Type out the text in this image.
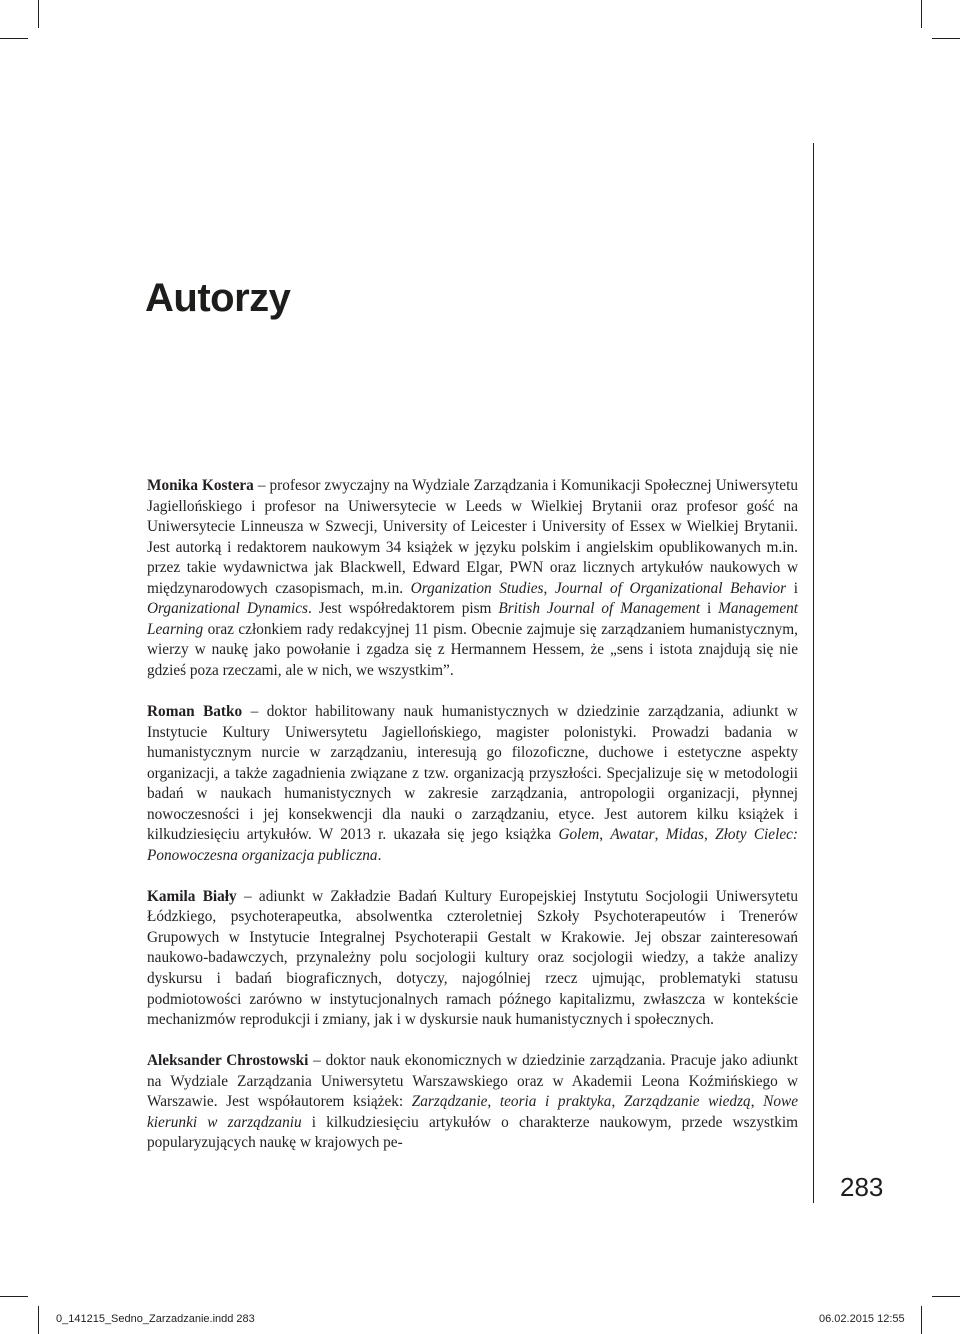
Autorzy

Monika Kostera – profesor zwyczajny na Wydziale Zarządzania i Komunikacji Społecznej Uniwersytetu Jagiellońskiego i profesor na Uniwersytecie w Leeds w Wielkiej Brytanii oraz profesor gość na Uniwersytecie Linneusza w Szwecji, University of Leicester i University of Essex w Wielkiej Brytanii. Jest autorką i redaktorem naukowym 34 książek w języku polskim i angielskim opublikowanych m.in. przez takie wydawnictwa jak Blackwell, Edward Elgar, PWN oraz licznych artykułów naukowych w międzynarodowych czasopismach, m.in. Organization Studies, Journal of Organizational Behavior i Organizational Dynamics. Jest współredaktorem pism British Journal of Management i Management Learning oraz członkiem rady redakcyjnej 11 pism. Obecnie zajmuje się zarządzaniem humanistycznym, wierzy w naukę jako powołanie i zgadza się z Hermannem Hessem, że „sens i istota znajdują się nie gdzieś poza rzeczami, ale w nich, we wszystkim”.

Roman Batko – doktor habilitowany nauk humanistycznych w dziedzinie zarządzania, adiunkt w Instytucie Kultury Uniwersytetu Jagiellońskiego, magister polonistyki. Prowadzi badania w humanistycznym nurcie w zarządzaniu, interesują go filozoficzne, duchowe i estetyczne aspekty organizacji, a także zagadnienia związane z tzw. organizacją przyszłości. Specjalizuje się w metodologii badań w naukach humanistycznych w zakresie zarządzania, antropologii organizacji, płynnej nowoczesności i jej konsekwencji dla nauki o zarządzaniu, etyce. Jest autorem kilku książek i kilkudziesięciu artykułów. W 2013 r. ukazała się jego książka Golem, Awatar, Midas, Złoty Cielec: Ponowoczesna organizacja publiczna.

Kamila Biały – adiunkt w Zakładzie Badań Kultury Europejskiej Instytutu Socjologii Uniwersytetu Łódzkiego, psychoterapeutka, absolwentka czteroletniej Szkoły Psychoterapeutów i Trenerów Grupowych w Instytucie Integralnej Psychoterapii Gestalt w Krakowie. Jej obszar zainteresowań naukowo-badawczych, przynależny polu socjologii kultury oraz socjologii wiedzy, a także analizy dyskursu i badań biograficznych, dotyczy, najogólniej rzecz ujmując, problematyki statusu podmiotowości zarówno w instytucjonalnych ramach późnego kapitalizmu, zwłaszcza w kontekście mechanizmów reprodukcji i zmiany, jak i w dyskursie nauk humanistycznych i społecznych.

Aleksander Chrostowski – doktor nauk ekonomicznych w dziedzinie zarządzania. Pracuje jako adiunkt na Wydziale Zarządzania Uniwersytetu Warszawskiego oraz w Akademii Leona Koźmińskiego w Warszawie. Jest współautorem książek: Zarządzanie, teoria i praktyka, Zarządzanie wiedzą, Nowe kierunki w zarządzaniu i kilkudziesięciu artykułów o charakterze naukowym, przede wszystkim popularyzujących naukę w krajowych pe-

283
0_141215_Sedno_Zarzadzanie.indd 283	06.02.2015 12:55
